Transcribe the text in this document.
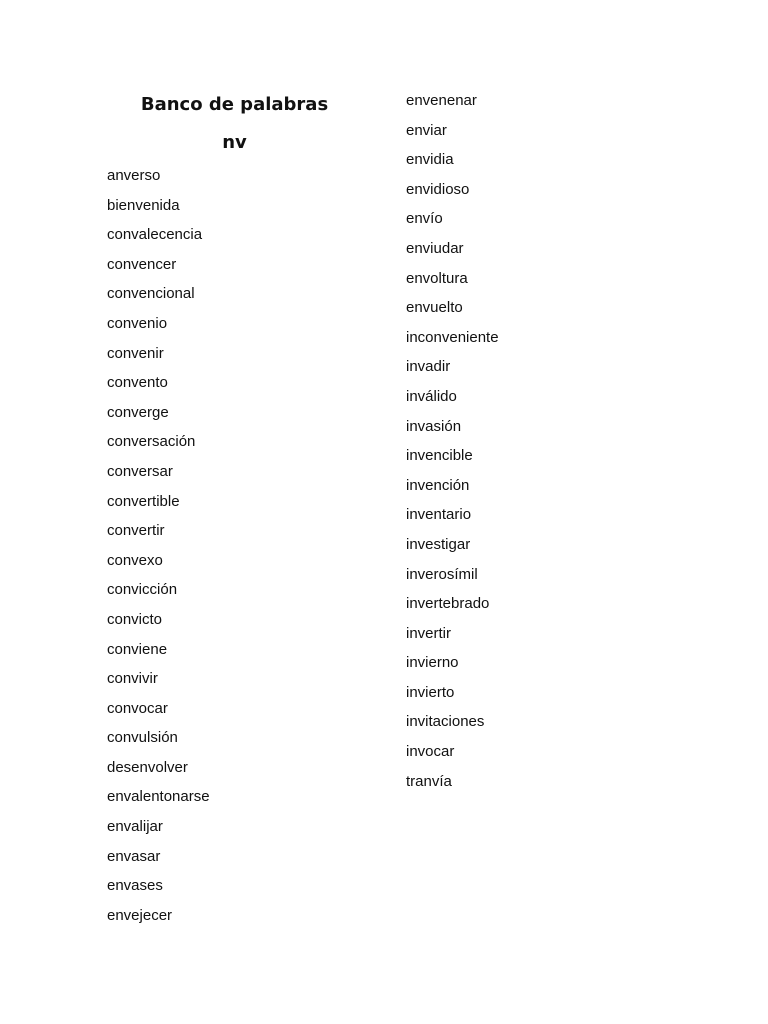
Banco de palabras
nv
anverso
bienvenida
convalecencia
convencer
convencional
convenio
convenir
convento
converge
conversación
conversar
convertible
convertir
convexo
convicción
convicto
conviene
convivir
convocar
convulsión
desenvolver
envalentonarse
envalijar
envasar
envases
envejecer
envenenar
enviar
envidia
envidioso
envío
enviudar
envoltura
envuelto
inconveniente
invadir
inválido
invasión
invencible
invención
inventario
investigar
inverosímil
invertebrado
invertir
invierno
invierto
invitaciones
invocar
tranvía
